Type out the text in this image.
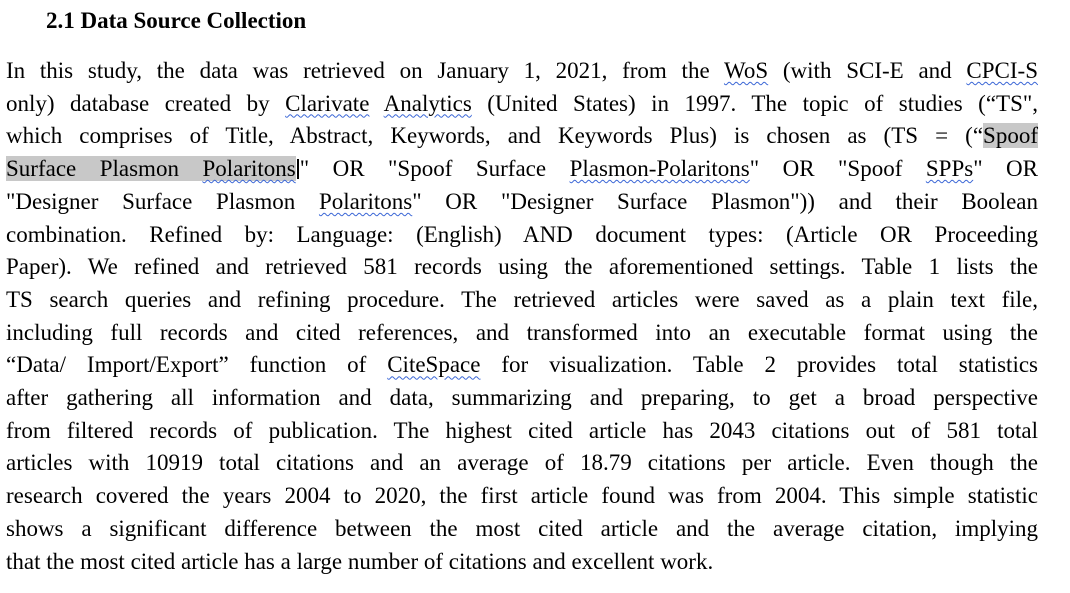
2.1 Data Source Collection
In this study, the data was retrieved on January 1, 2021, from the WoS (with SCI-E and CPCI-S
only) database created by Clarivate Analytics (United States) in 1997. The topic of studies (“TS",
which comprises of Title, Abstract, Keywords, and Keywords Plus) is chosen as (TS = (“Spoof
Surface Plasmon Polaritons " OR "Spoof Surface Plasmon-Polaritons" OR "Spoof SPPs" OR
"Designer Surface Plasmon Polaritons" OR "Designer Surface Plasmon")) and their Boolean
combination. Refined by: Language: (English) AND document types: (Article OR Proceeding
Paper). We refined and retrieved 581 records using the aforementioned settings. Table 1 lists the
TS search queries and refining procedure. The retrieved articles were saved as a plain text file,
including full records and cited references, and transformed into an executable format using the
“Data/ Import/Export” function of CiteSpace for visualization. Table 2 provides total statistics
after gathering all information and data, summarizing and preparing, to get a broad perspective
from filtered records of publication. The highest cited article has 2043 citations out of 581 total
articles with 10919 total citations and an average of 18.79 citations per article. Even though the
research covered the years 2004 to 2020, the first article found was from 2004. This simple statistic
shows a significant difference between the most cited article and the average citation, implying
that the most cited article has a large number of citations and excellent work.
